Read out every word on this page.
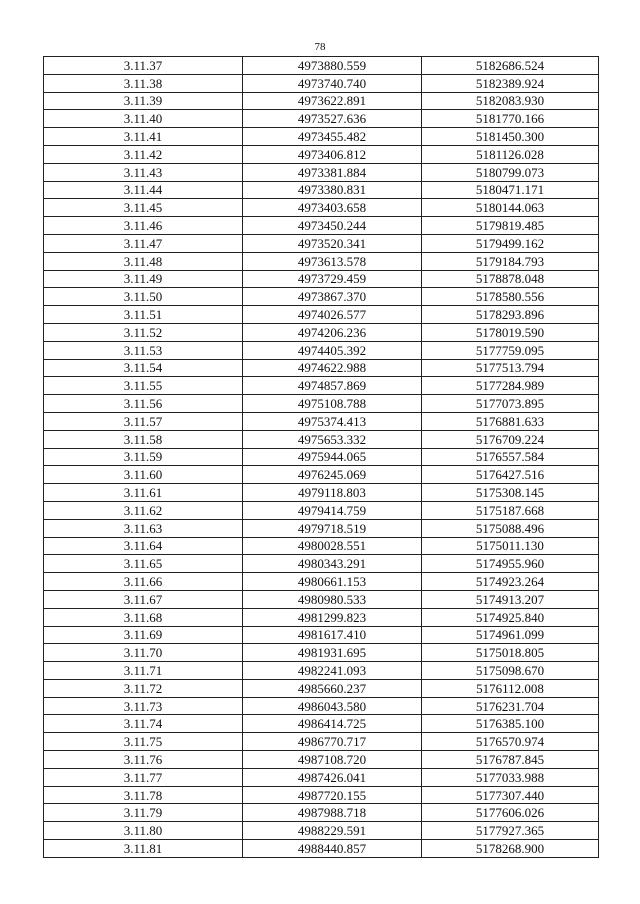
78
3.11.37	4973880.559	5182686.524
3.11.38	4973740.740	5182389.924
3.11.39	4973622.891	5182083.930
3.11.40	4973527.636	5181770.166
3.11.41	4973455.482	5181450.300
3.11.42	4973406.812	5181126.028
3.11.43	4973381.884	5180799.073
3.11.44	4973380.831	5180471.171
3.11.45	4973403.658	5180144.063
3.11.46	4973450.244	5179819.485
3.11.47	4973520.341	5179499.162
3.11.48	4973613.578	5179184.793
3.11.49	4973729.459	5178878.048
3.11.50	4973867.370	5178580.556
3.11.51	4974026.577	5178293.896
3.11.52	4974206.236	5178019.590
3.11.53	4974405.392	5177759.095
3.11.54	4974622.988	5177513.794
3.11.55	4974857.869	5177284.989
3.11.56	4975108.788	5177073.895
3.11.57	4975374.413	5176881.633
3.11.58	4975653.332	5176709.224
3.11.59	4975944.065	5176557.584
3.11.60	4976245.069	5176427.516
3.11.61	4979118.803	5175308.145
3.11.62	4979414.759	5175187.668
3.11.63	4979718.519	5175088.496
3.11.64	4980028.551	5175011.130
3.11.65	4980343.291	5174955.960
3.11.66	4980661.153	5174923.264
3.11.67	4980980.533	5174913.207
3.11.68	4981299.823	5174925.840
3.11.69	4981617.410	5174961.099
3.11.70	4981931.695	5175018.805
3.11.71	4982241.093	5175098.670
3.11.72	4985660.237	5176112.008
3.11.73	4986043.580	5176231.704
3.11.74	4986414.725	5176385.100
3.11.75	4986770.717	5176570.974
3.11.76	4987108.720	5176787.845
3.11.77	4987426.041	5177033.988
3.11.78	4987720.155	5177307.440
3.11.79	4987988.718	5177606.026
3.11.80	4988229.591	5177927.365
3.11.81	4988440.857	5178268.900
